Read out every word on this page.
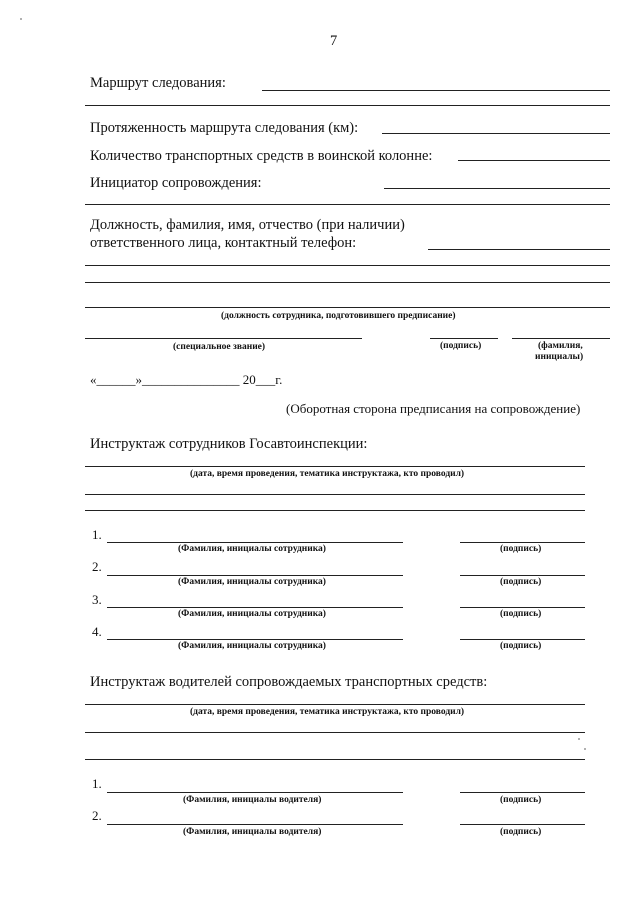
7
Маршрут следования:
Протяженность маршрута следования (км):
Количество транспортных средств в воинской колонне:
Инициатор сопровождения:
Должность, фамилия, имя, отчество (при наличии)
ответственного лица, контактный телефон:
(должность сотрудника, подготовившего предписание)
(специальное звание)	(подпись)	(фамилия,
инициалы)
«______»_______________ 20___г.
(Оборотная сторона предписания на сопровождение)
Инструктаж сотрудников Госавтоинспекции:
(дата, время проведения, тематика инструктажа, кто проводил)
1.
(Фамилия, инициалы сотрудника)	(подпись)
2.
(Фамилия, инициалы сотрудника)	(подпись)
3.
(Фамилия, инициалы сотрудника)	(подпись)
4.
(Фамилия, инициалы сотрудника)	(подпись)
Инструктаж водителей сопровождаемых транспортных средств:
(дата, время проведения, тематика инструктажа, кто проводил)
1.
(Фамилия, инициалы водителя)	(подпись)
2.
(Фамилия, инициалы водителя)	(подпись)
